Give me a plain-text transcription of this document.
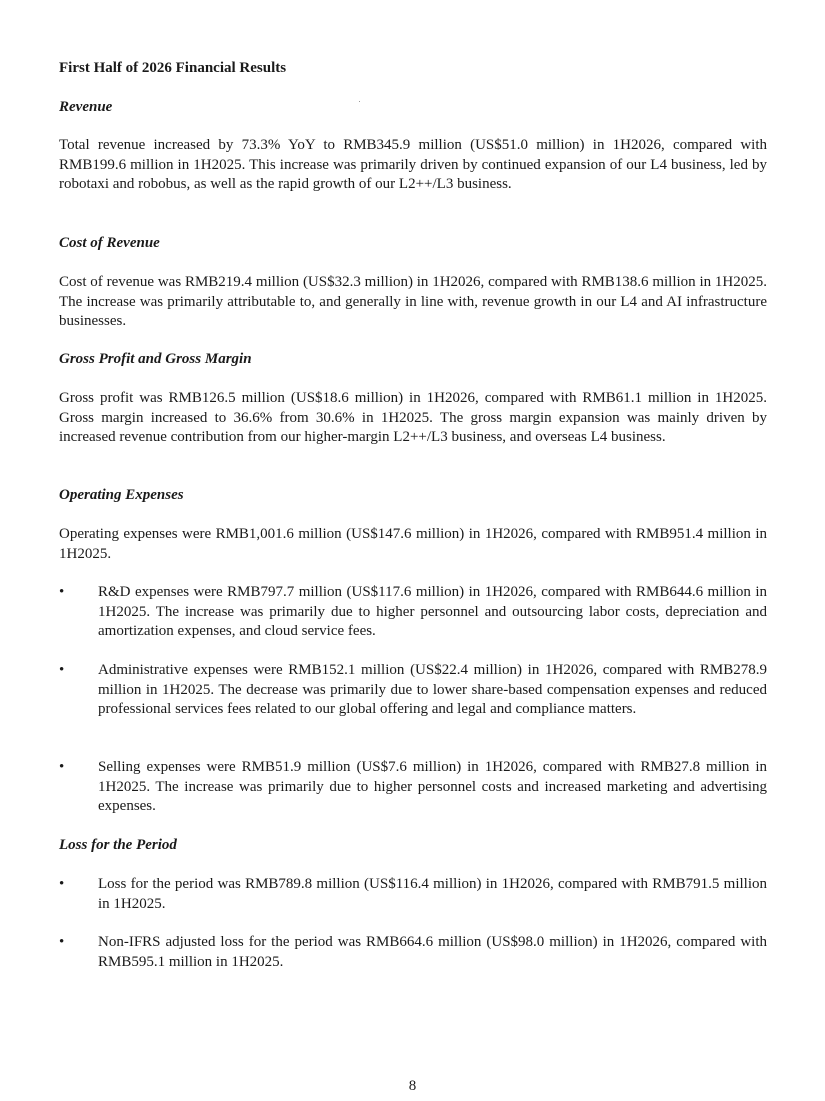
First Half of 2026 Financial Results
Revenue

Total revenue increased by 73.3% YoY to RMB345.9 million (US$51.0 million) in 1H2026, compared with RMB199.6 million in 1H2025. This increase was primarily driven by continued expansion of our L4 business, led by robotaxi and robobus, as well as the rapid growth of our L2++/L3 business.

Cost of Revenue

Cost of revenue was RMB219.4 million (US$32.3 million) in 1H2026, compared with RMB138.6 million in 1H2025. The increase was primarily attributable to, and generally in line with, revenue growth in our L4 and AI infrastructure businesses.

Gross Profit and Gross Margin

Gross profit was RMB126.5 million (US$18.6 million) in 1H2026, compared with RMB61.1 million in 1H2025. Gross margin increased to 36.6% from 30.6% in 1H2025. The gross margin expansion was mainly driven by increased revenue contribution from our higher-margin L2++/L3 business, and overseas L4 business.

Operating Expenses

Operating expenses were RMB1,001.6 million (US$147.6 million) in 1H2026, compared with RMB951.4 million in 1H2025.

• R&D expenses were RMB797.7 million (US$117.6 million) in 1H2026, compared with RMB644.6 million in 1H2025. The increase was primarily due to higher personnel and outsourcing labor costs, depreciation and amortization expenses, and cloud service fees.

• Administrative expenses were RMB152.1 million (US$22.4 million) in 1H2026, compared with RMB278.9 million in 1H2025. The decrease was primarily due to lower share-based compensation expenses and reduced professional services fees related to our global offering and legal and compliance matters.

• Selling expenses were RMB51.9 million (US$7.6 million) in 1H2026, compared with RMB27.8 million in 1H2025. The increase was primarily due to higher personnel costs and increased marketing and advertising expenses.

Loss for the Period
• Loss for the period was RMB789.8 million (US$116.4 million) in 1H2026, compared with RMB791.5 million in 1H2025.

• Non-IFRS adjusted loss for the period was RMB664.6 million (US$98.0 million) in 1H2026, compared with RMB595.1 million in 1H2025.

8
